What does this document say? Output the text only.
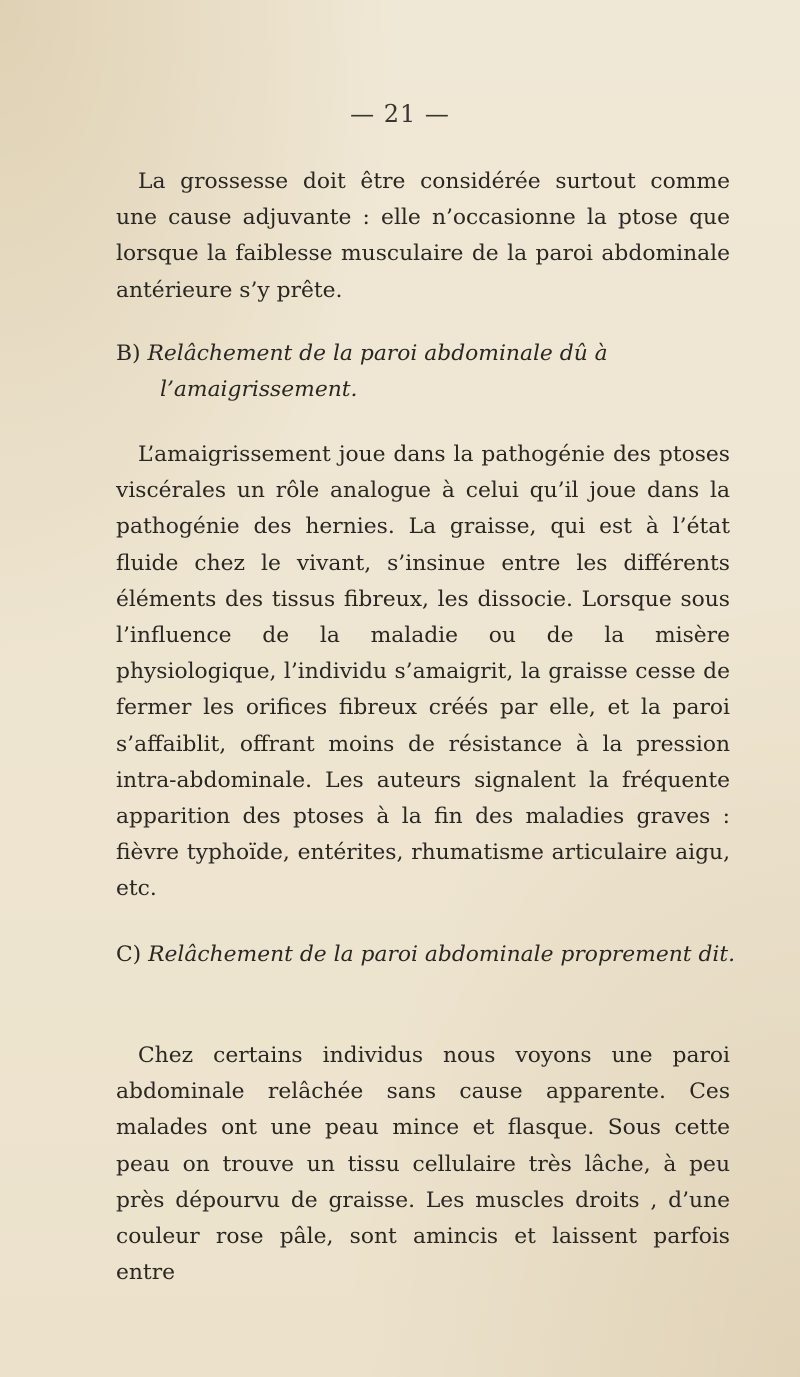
— 21 —

La grossesse doit être considérée surtout comme une cause adjuvante : elle n’occasionne la ptose que lorsque la faiblesse musculaire de la paroi abdominale antérieure s’y prête.

B) Relâchement de la paroi abdominale dû à l’amaigrissement.

L’amaigrissement joue dans la pathogénie des ptoses viscérales un rôle analogue à celui qu’il joue dans la pathogénie des hernies. La graisse, qui est à l’état fluide chez le vivant, s’insinue entre les différents éléments des tissus fibreux, les dissocie. Lorsque sous l’influence de la maladie ou de la misère physiologique, l’individu s’amaigrit, la graisse cesse de fermer les orifices fibreux créés par elle, et la paroi s’affaiblit, offrant moins de résistance à la pression intra-abdominale. Les auteurs signalent la fréquente apparition des ptoses à la fin des maladies graves : fièvre typhoïde, entérites, rhumatisme articulaire aigu, etc.

C) Relâchement de la paroi abdominale proprement dit.

Chez certains individus nous voyons une paroi abdominale relâchée sans cause apparente. Ces malades ont une peau mince et flasque. Sous cette peau on trouve un tissu cellulaire très lâche, à peu près dépourvu de graisse. Les muscles droits , d’une couleur rose pâle, sont amincis et laissent parfois entre
